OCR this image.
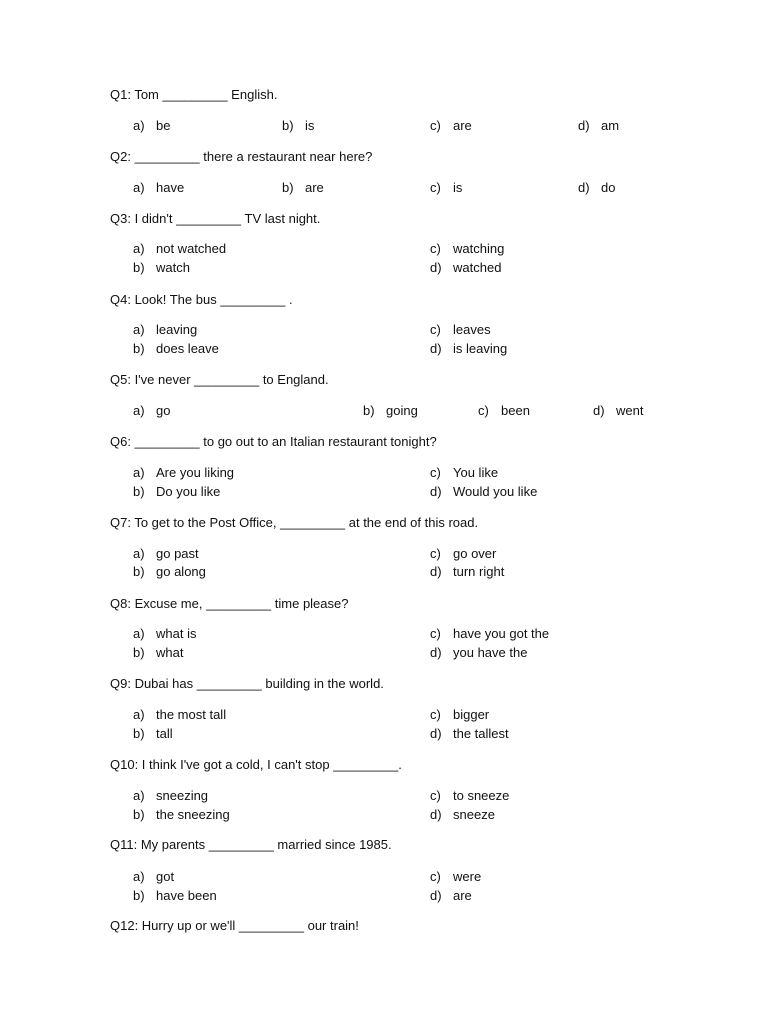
Q1: Tom _________ English.
a) be	b) is	c) are	d) am
Q2: _________ there a restaurant near here?
a) have	b) are	c) is	d) do
Q3: I didn't _________ TV last night.
a) not watched
b) watch
c) watching
d) watched
Q4: Look! The bus _________ .
a) leaving
b) does leave
c) leaves
d) is leaving
Q5: I've never _________ to England.
a) go	b) going	c) been	d) went
Q6: _________ to go out to an Italian restaurant tonight?
a) Are you liking
b) Do you like
c) You like
d) Would you like
Q7: To get to the Post Office, _________ at the end of this road.
a) go past
b) go along
c) go over
d) turn right
Q8: Excuse me, _________ time please?
a) what is
b) what
c) have you got the
d) you have the
Q9: Dubai has _________ building in the world.
a) the most tall
b) tall
c) bigger
d) the tallest
Q10: I think I've got a cold, I can't stop _________.
a) sneezing
b) the sneezing
c) to sneeze
d) sneeze
Q11: My parents _________ married since 1985.
a) got
b) have been
c) were
d) are
Q12: Hurry up or we'll _________ our train!
